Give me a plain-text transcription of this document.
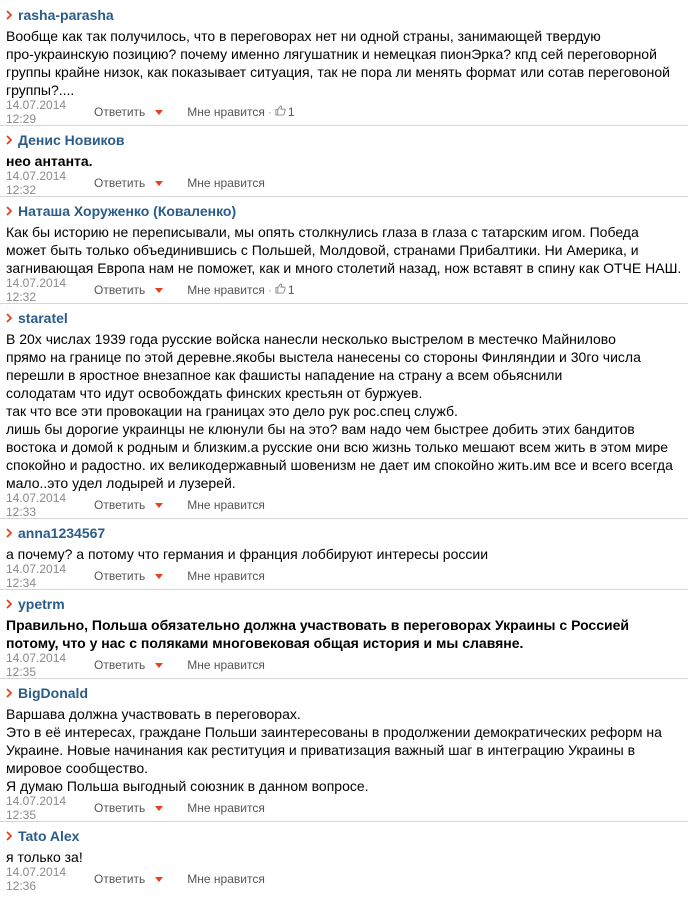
rasha-parasha
Вообще как так получилось, что в переговорах нет ни одной страны, занимающей твердую
про-украинскую позицию? почему именно лягушатник и немецкая пионЭрка? кпд сей переговорной
группы крайне низок, как показывает ситуация, так не пора ли менять формат или сотав переговоной
группы?....
14.07.2014 12:29	Ответить	Мне нравится · 1
Денис Новиков
нео антанта.
14.07.2014 12:32	Ответить	Мне нравится
Наташа Хоруженко (Коваленко)
Как бы историю не переписывали, мы опять столкнулись глаза в глаза с татарским игом. Победа
может быть только объединившись с Польшей, Молдовой, странами Прибалтики. Ни Америка, и
загнивающая Европа нам не поможет, как и много столетий назад, нож вставят в спину как ОТЧЕ НАШ.
14.07.2014 12:32	Ответить	Мне нравится · 1
staratel
В 20х числах 1939 года русские войска нанесли несколько выстрелом в местечко Майнилово
прямо на границе по этой деревне.якобы выстела нанесены со стороны Финляндии и 30го числа
перешли в яростное внезапное как фашисты нападение на страну а всем обьяснили
солодатам что идут освобождать финских крестьян от буржуев.
так что все эти провокации на границах это дело рук рос.спец служб.
лишь бы дорогие украинцы не клюнули бы на это? вам надо чем быстрее добить этих бандитов
востока и домой к родным и близким.а русские они всю жизнь только мешают всем жить в этом мире
спокойно и радостно. их великодержавный шовенизм не дает им спокойно жить.им все и всего всегда
мало..это удел лодырей и лузерей.
14.07.2014 12:33	Ответить	Мне нравится
anna1234567
а почему? а потому что германия и франция лоббируют интересы россии
14.07.2014 12:34	Ответить	Мне нравится
ypetrm
Правильно, Польша обязательно должна участвовать в переговорах Украины с Россией
потому, что у нас с поляками многовековая общая история и мы славяне.
14.07.2014 12:35	Ответить	Мне нравится
BigDonald
Варшава должна участвовать в переговорах.
Это в её интересах, граждане Польши заинтересованы в продолжении демократических реформ на
Украине. Новые начинания как реституция и приватизация важный шаг в интеграцию Украины в
мировое сообщество.
Я думаю Польша выгодный союзник в данном вопросе.
14.07.2014 12:35	Ответить	Мне нравится
Tato Alex
я только за!
14.07.2014 12:36	Ответить	Мне нравится
